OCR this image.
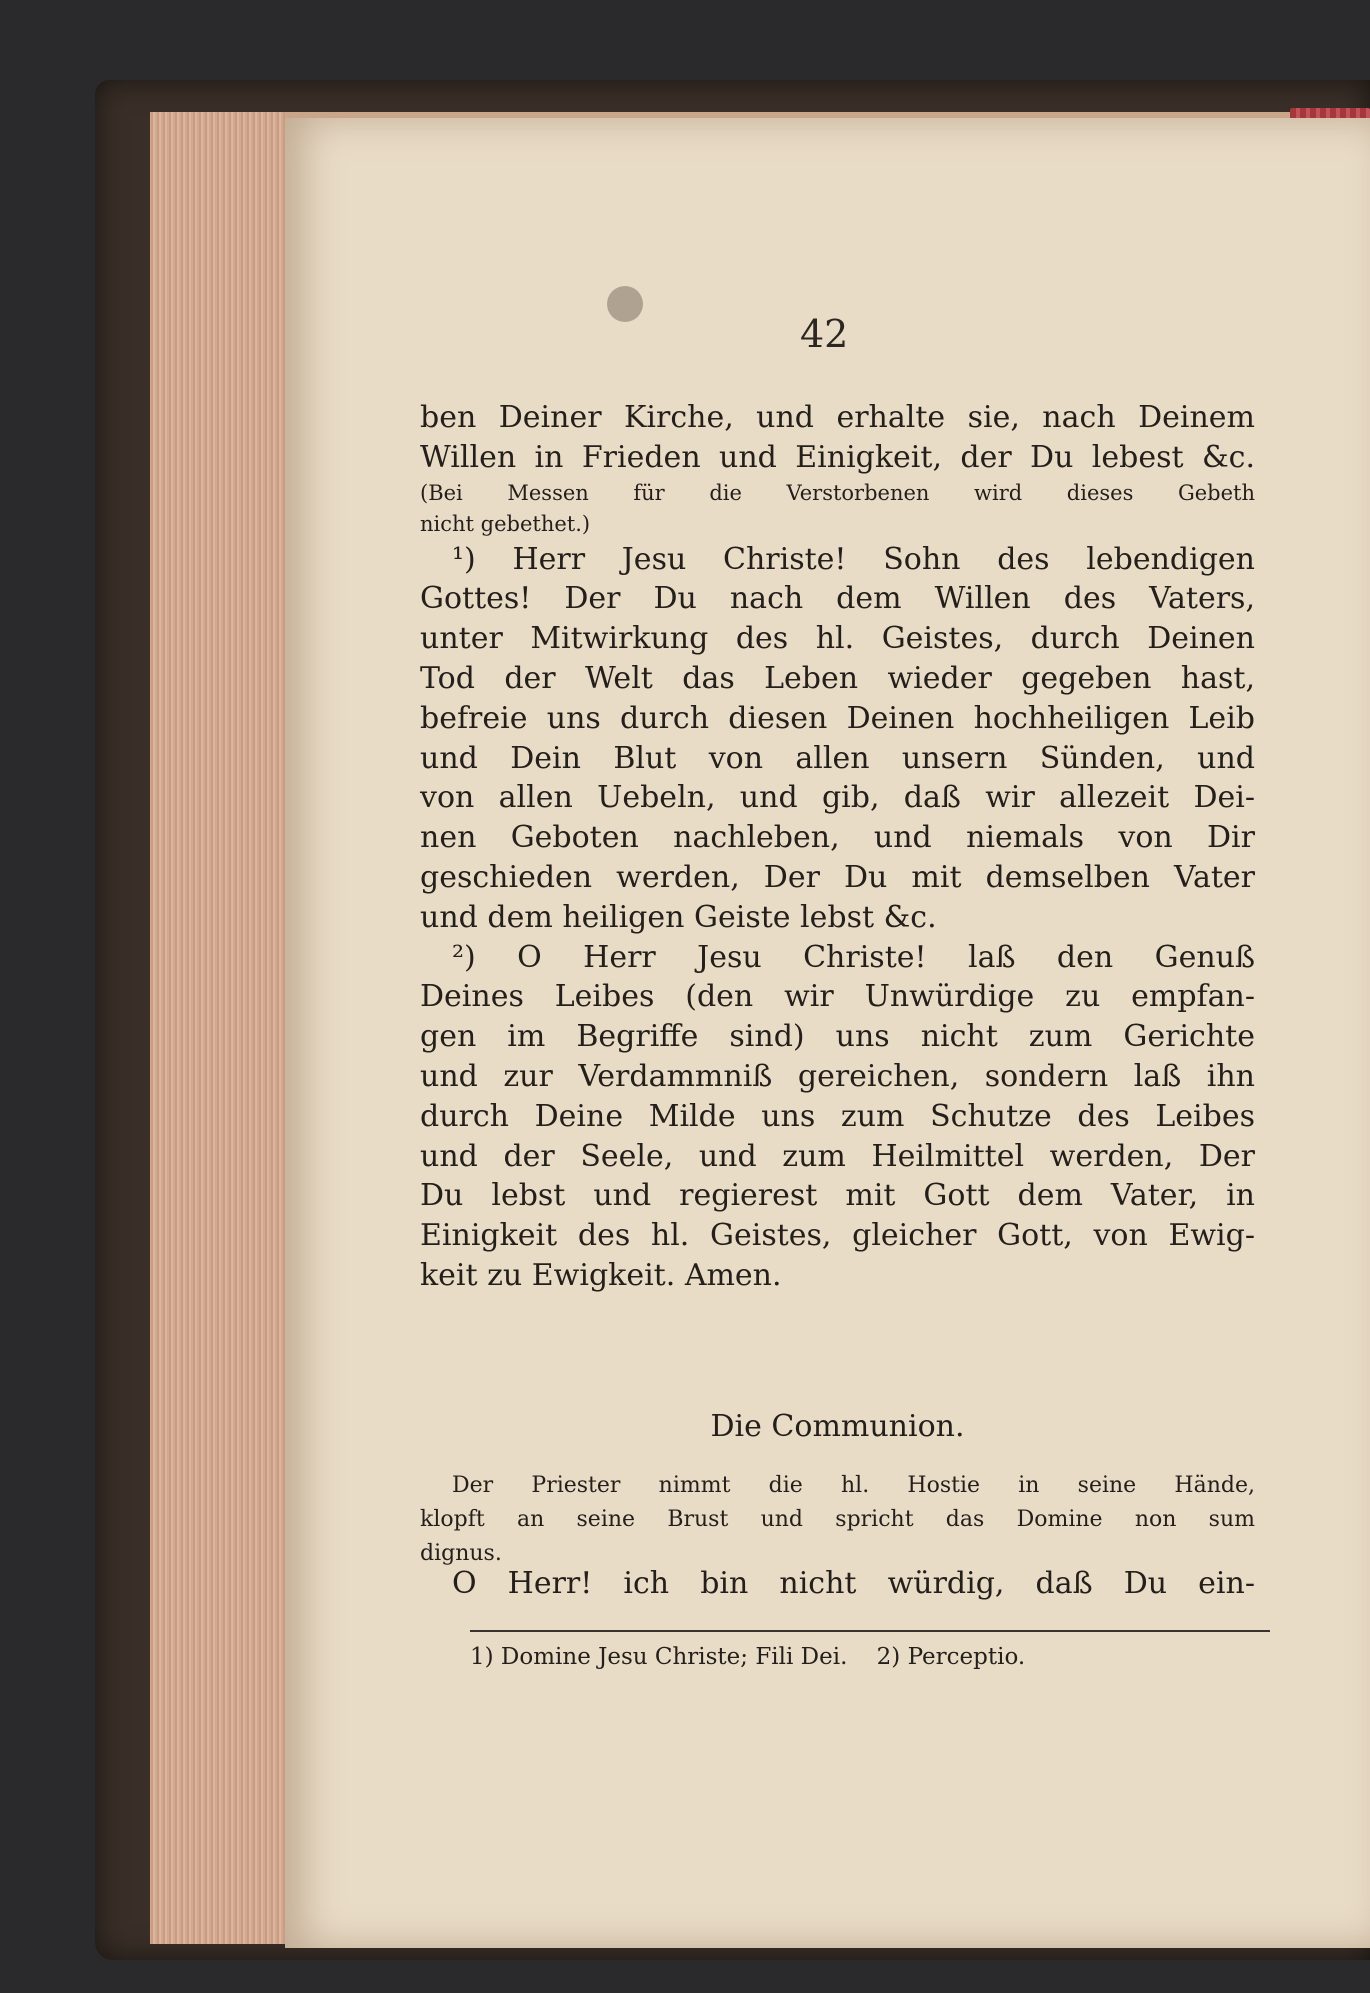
42
ben Deiner Kirche, und erhalte sie, nach Deinem
Willen in Frieden und Einigkeit, der Du lebest &c.
(Bei Messen für die Verstorbenen wird dieses Gebeth
nicht gebethet.)
¹) Herr Jesu Christe! Sohn des lebendigen
Gottes! Der Du nach dem Willen des Vaters,
unter Mitwirkung des hl. Geistes, durch Deinen
Tod der Welt das Leben wieder gegeben hast,
befreie uns durch diesen Deinen hochheiligen Leib
und Dein Blut von allen unsern Sünden, und
von allen Uebeln, und gib, daß wir allezeit Dei-
nen Geboten nachleben, und niemals von Dir
geschieden werden, Der Du mit demselben Vater
und dem heiligen Geiste lebst &c.
²) O Herr Jesu Christe! laß den Genuß
Deines Leibes (den wir Unwürdige zu empfan-
gen im Begriffe sind) uns nicht zum Gerichte
und zur Verdammniß gereichen, sondern laß ihn
durch Deine Milde uns zum Schutze des Leibes
und der Seele, und zum Heilmittel werden, Der
Du lebst und regierest mit Gott dem Vater, in
Einigkeit des hl. Geistes, gleicher Gott, von Ewig-
keit zu Ewigkeit. Amen.
Die Communion.
Der Priester nimmt die hl. Hostie in seine Hände,
klopft an seine Brust und spricht das Domine non sum
dignus.
O Herr! ich bin nicht würdig, daß Du ein-
1) Domine Jesu Christe; Fili Dei. 2) Perceptio.
